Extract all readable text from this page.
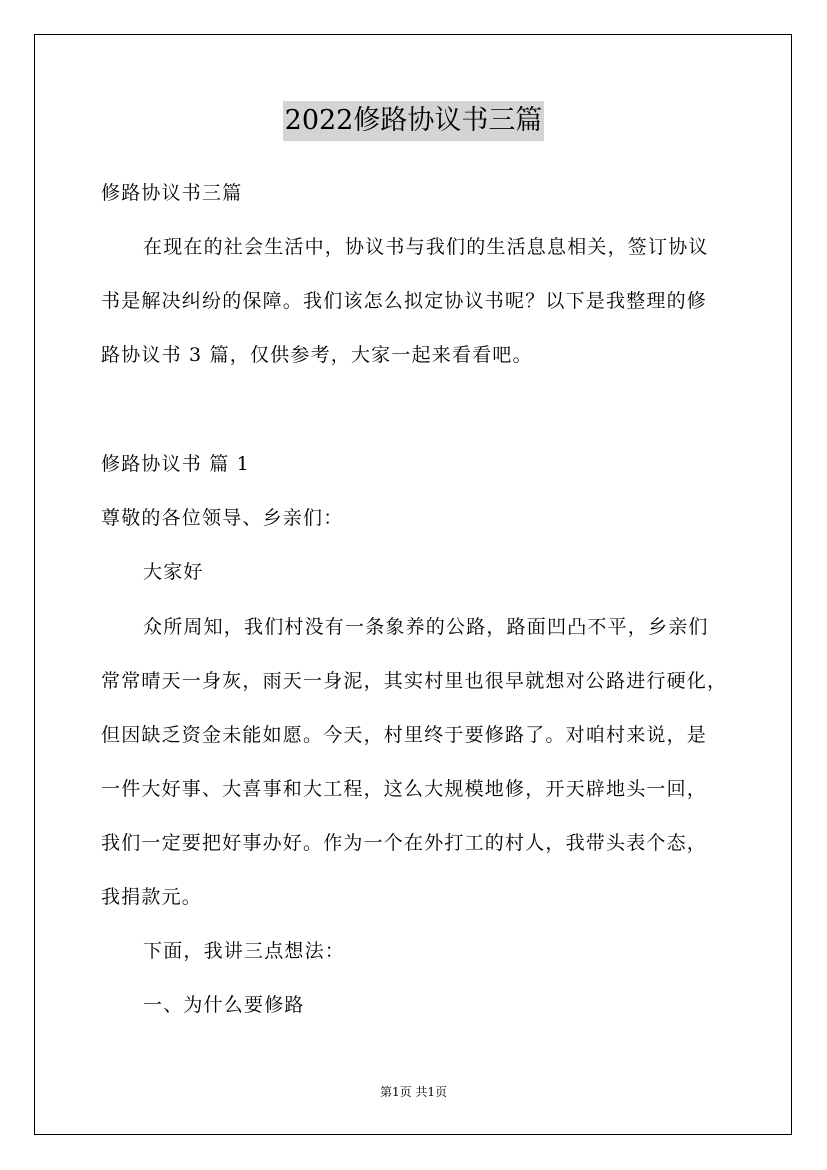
2022修路协议书三篇
修路协议书三篇
在现在的社会生活中，协议书与我们的生活息息相关，签订协议
书是解决纠纷的保障。我们该怎么拟定协议书呢？以下是我整理的修
路协议书 3 篇，仅供参考，大家一起来看看吧。
修路协议书 篇 1
尊敬的各位领导、乡亲们：
大家好
众所周知，我们村没有一条象养的公路，路面凹凸不平，乡亲们
常常晴天一身灰，雨天一身泥，其实村里也很早就想对公路进行硬化，
但因缺乏资金未能如愿。今天，村里终于要修路了。对咱村来说，是
一件大好事、大喜事和大工程，这么大规模地修，开天辟地头一回，
我们一定要把好事办好。作为一个在外打工的村人，我带头表个态，
我捐款元。
下面，我讲三点想法：
一、为什么要修路
第1页 共1页
